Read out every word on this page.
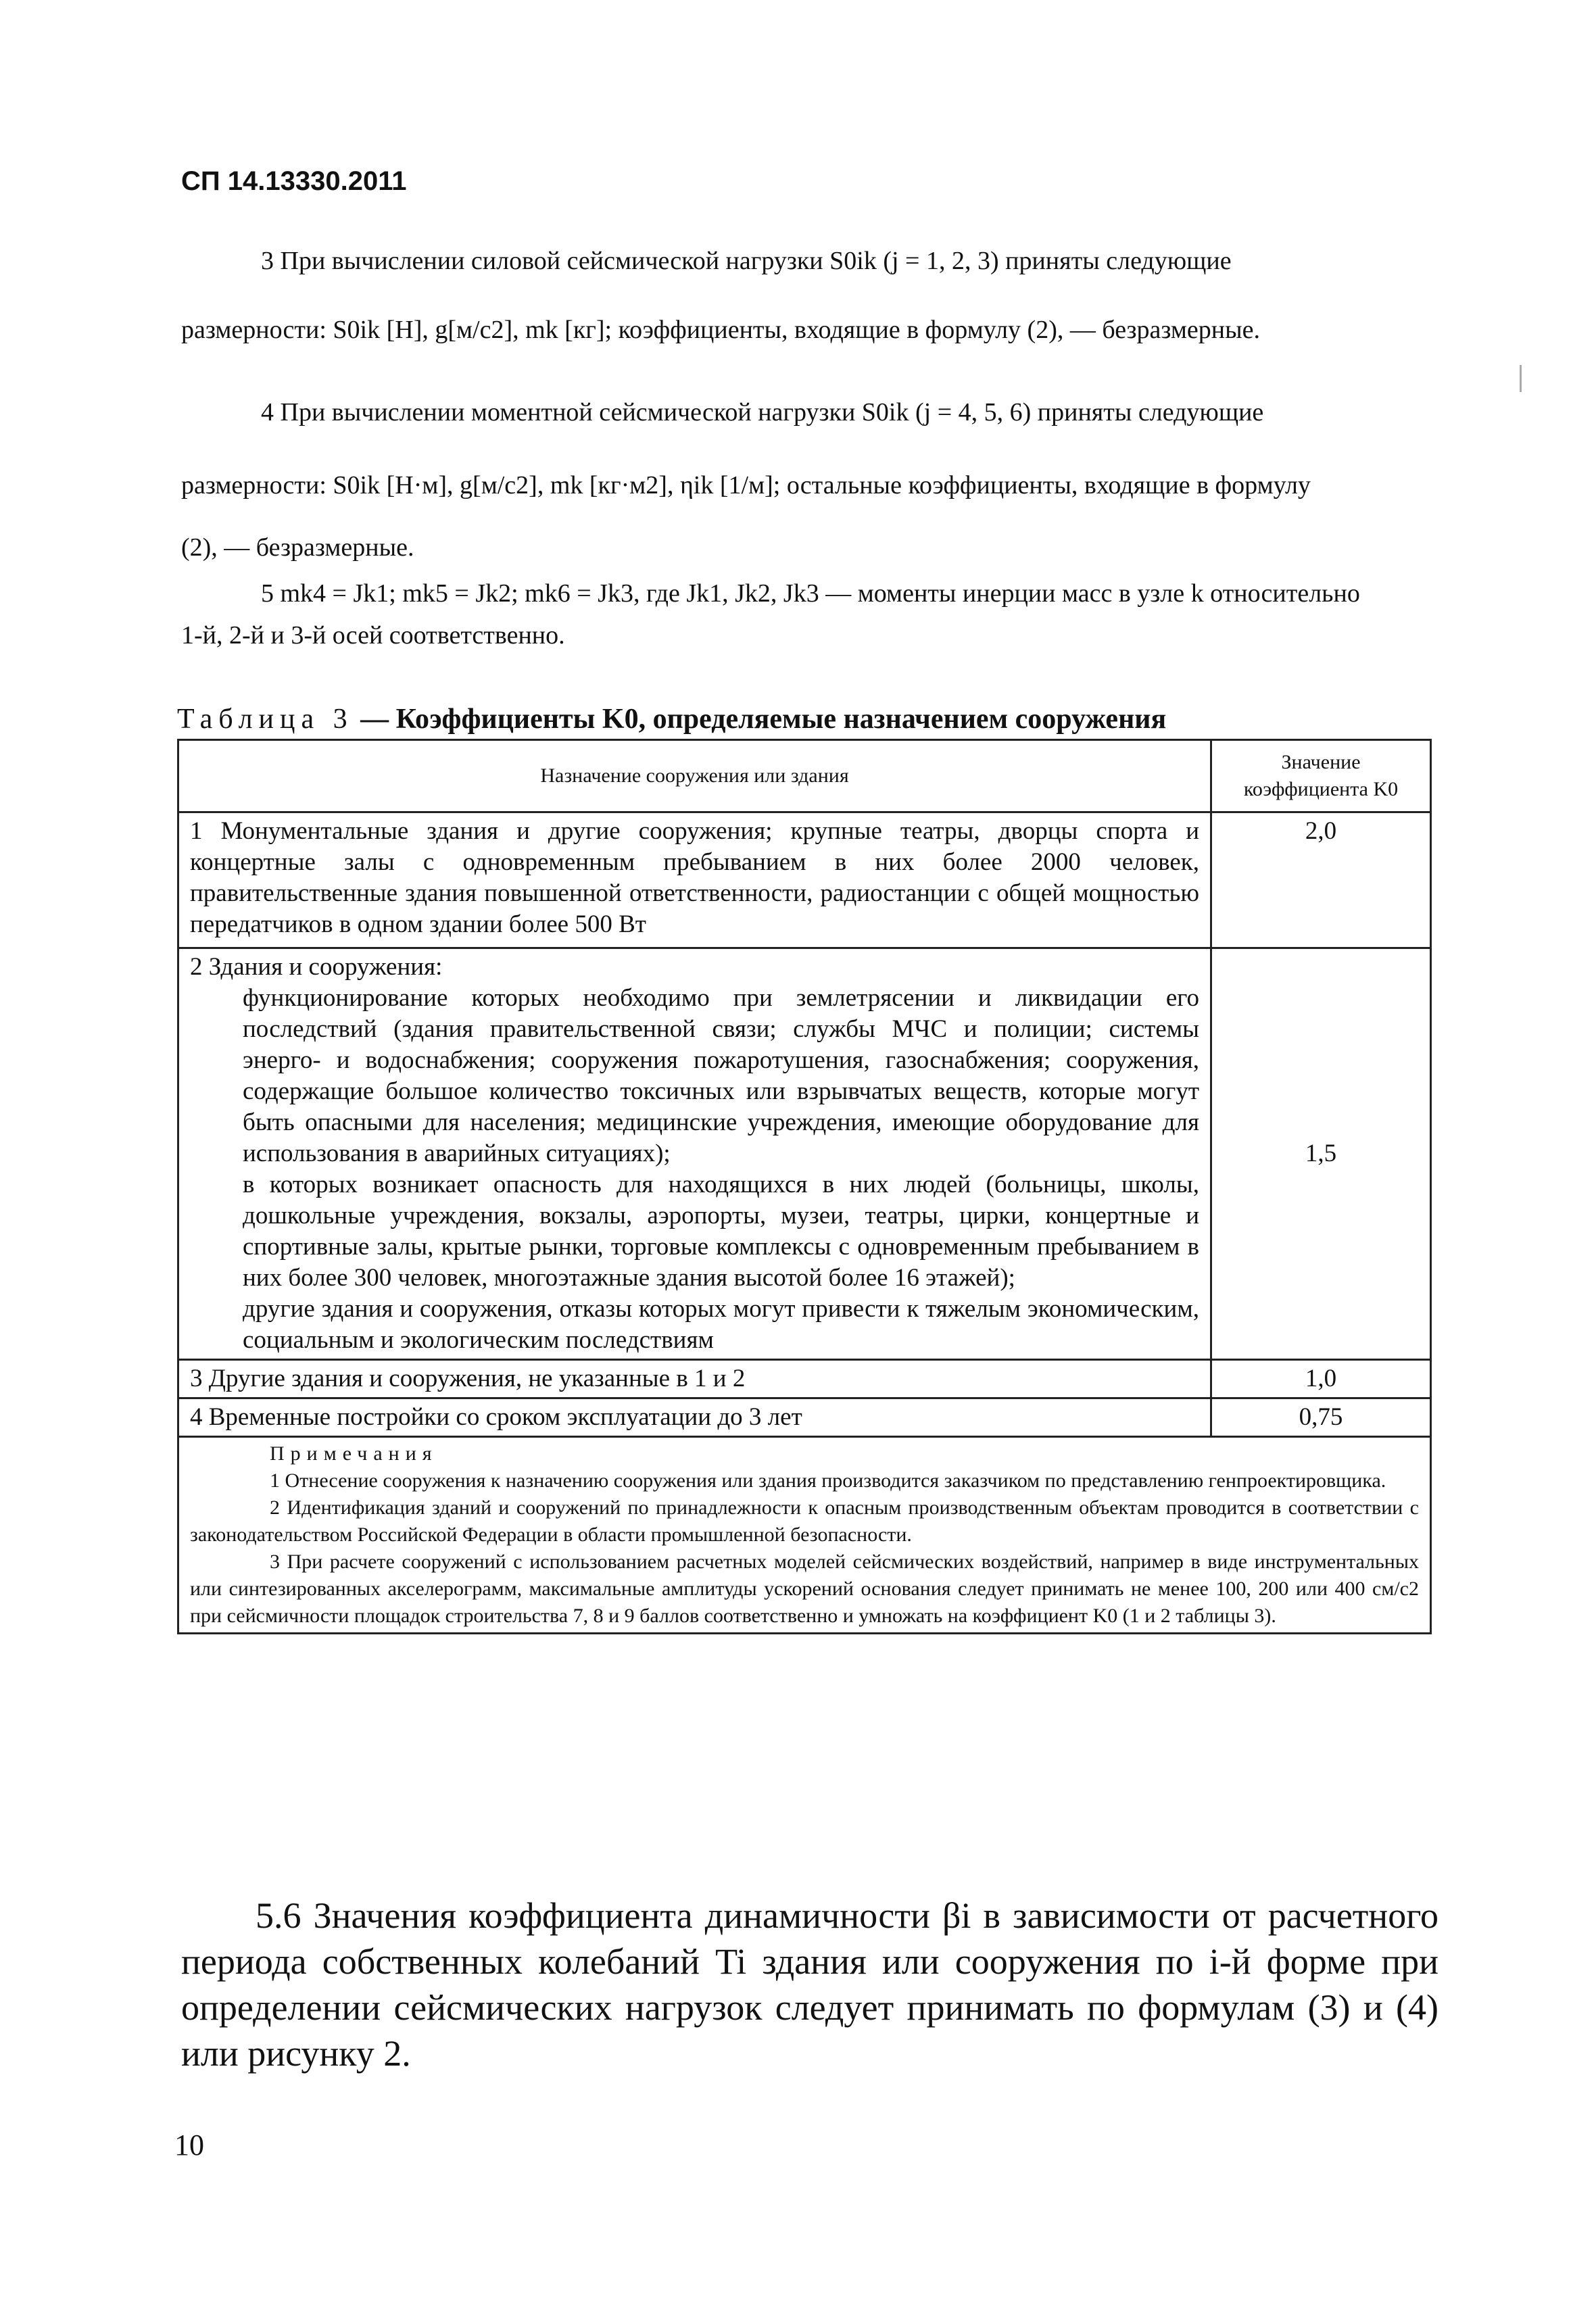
СП 14.13330.2011
3 При вычислении силовой сейсмической нагрузки S0ik (j = 1, 2, 3) приняты следующие
размерности: S0ik [Н], g[м/с2], mk [кг]; коэффициенты, входящие в формулу (2), — безразмерные.
4 При вычислении моментной сейсмической нагрузки S0ik (j = 4, 5, 6) приняты следующие
размерности: S0ik [Н·м], g[м/с2], mk [кг·м2], ηik [1/м]; остальные коэффициенты, входящие в формулу
(2), — безразмерные.
5 mk4 = Jk1; mk5 = Jk2; mk6 = Jk3, где Jk1, Jk2, Jk3 — моменты инерции масс в узле k относительно
1-й, 2-й и 3-й осей соответственно.
Таблица 3 — Коэффициенты K0, определяемые назначением сооружения
Назначение сооружения или здания	Значение
коэффициента K0

1 Монументальные здания и другие сооружения; крупные театры, дворцы спорта и концертные залы с одновременным пребыванием в них более 2000 человек, правительственные здания повышенной ответственности, радиостанции с общей мощностью передатчиков в одном здании более 500 Вт	2,0

2 Здания и сооружения:
функционирование которых необходимо при землетрясении и ликвидации его последствий (здания правительственной связи; службы МЧС и полиции; системы энерго- и водоснабжения; сооружения пожаротушения, газоснабжения; сооружения, содержащие большое количество токсичных или взрывчатых веществ, которые могут быть опасными для населения; медицинские учреждения, имеющие оборудование для использования в аварийных ситуациях);
в которых возникает опасность для находящихся в них людей (больницы, школы, дошкольные учреждения, вокзалы, аэропорты, музеи, театры, цирки, концертные и спортивные залы, крытые рынки, торговые комплексы с одновременным пребыванием в них более 300 человек, многоэтажные здания высотой более 16 этажей);
другие здания и сооружения, отказы которых могут привести к тяжелым экономическим, социальным и экологическим последствиям	1,5
3 Другие здания и сооружения, не указанные в 1 и 2	1,0
4 Временные постройки со сроком эксплуатации до 3 лет	0,75

Примечания
1 Отнесение сооружения к назначению сооружения или здания производится заказчиком по представлению генпроектировщика.
2 Идентификация зданий и сооружений по принадлежности к опасным производственным объектам проводится в соответствии с законодательством Российской Федерации в области промышленной безопасности.
3 При расчете сооружений с использованием расчетных моделей сейсмических воздействий, например в виде инструментальных или синтезированных акселерограмм, максимальные амплитуды ускорений основания следует принимать не менее 100, 200 или 400 см/с2 при сейсмичности площадок строительства 7, 8 и 9 баллов соответственно и умножать на коэффициент K0 (1 и 2 таблицы 3).	
5.6 Значения коэффициента динамичности βi в зависимости от расчетного периода собственных колебаний Ti здания или сооружения по i-й форме при определении сейсмических нагрузок следует принимать по формулам (3) и (4) или рисунку 2.
10
